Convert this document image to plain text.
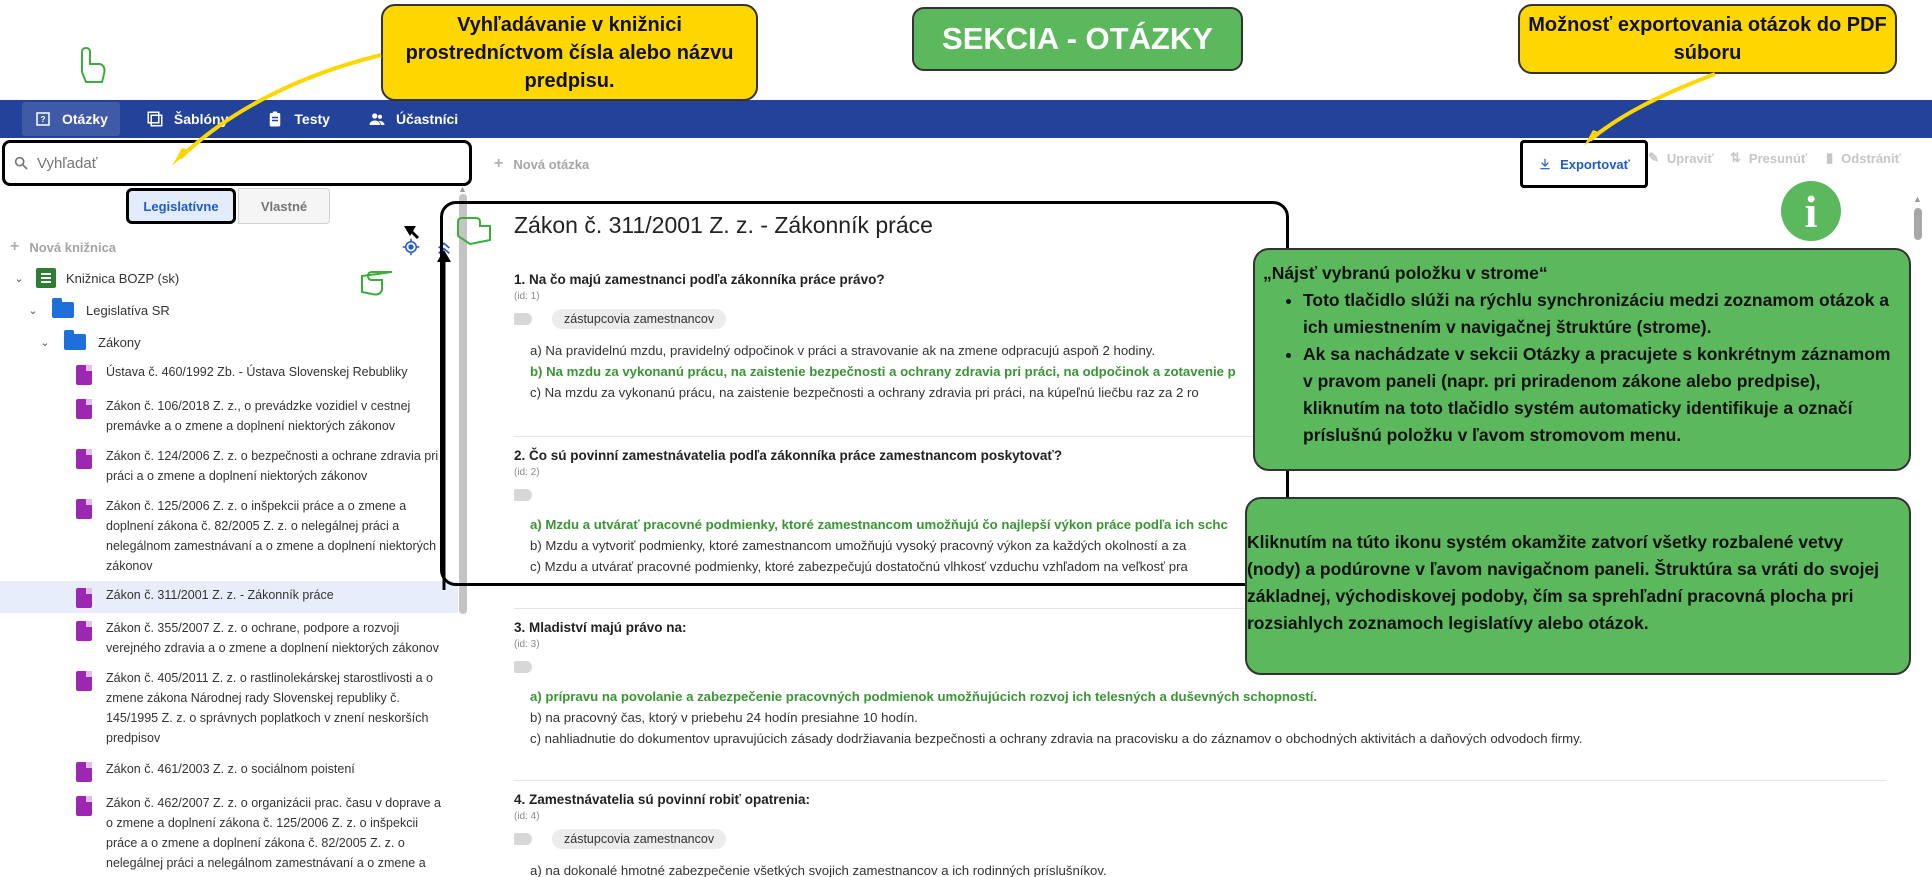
? Otázky	Šablóny	Testy	Účastníci
Vyhľadať
Legislatívne	Vlastné
+ Nová knižnica
⌄	Knižnica BOZP (sk)
⌄	Legislatíva SR
⌄	Zákony
Ústava č. 460/1992 Zb. - Ústava Slovenskej Rebubliky
Zákon č. 106/2018 Z. z., o prevádzke vozidiel v cestnej premávke a o zmene a doplnení niektorých zákonov
Zákon č. 124/2006 Z. z. o bezpečnosti a ochrane zdravia pri práci a o zmene a doplnení niektorých zákonov
Zákon č. 125/2006 Z. z. o inšpekcii práce a o zmene a doplnení zákona č. 82/2005 Z. z. o nelegálnej práci a nelegálnom zamestnávaní a o zmene a doplnení niektorých zákonov
Zákon č. 311/2001 Z. z. - Zákonník práce
Zákon č. 355/2007 Z. z. o ochrane, podpore a rozvoji verejného zdravia a o zmene a doplnení niektorých zákonov
Zákon č. 405/2011 Z. z. o rastlinolekárskej starostlivosti a o zmene zákona Národnej rady Slovenskej republiky č. 145/1995 Z. z. o správnych poplatkoch v znení neskorších predpisov
Zákon č. 461/2003 Z. z. o sociálnom poistení
Zákon č. 462/2007 Z. z. o organizácii prac. času v doprave a o zmene a doplnení zákona č. 125/2006 Z. z. o inšpekcii práce a o zmene a doplnení zákona č. 82/2005 Z. z. o nelegálnej práci a nelegálnom zamestnávaní a o zmene a
▲
+ Nová otázka	Exportovať ✎ Upraviť ⇅ Presunúť ▮ Odstrániť
Zákon č. 311/2001 Z. z. - Zákonník práce
1. Na čo majú zamestnanci podľa zákonníka práce právo?
(id: 1)
zástupcovia zamestnancov
a) Na pravidelnú mzdu, pravidelný odpočinok v práci a stravovanie ak na zmene odpracujú aspoň 2 hodiny.
b) Na mzdu za vykonanú prácu, na zaistenie bezpečnosti a ochrany zdravia pri práci, na odpočinok a zotavenie p
c) Na mzdu za vykonanú prácu, na zaistenie bezpečnosti a ochrany zdravia pri práci, na kúpeľnú liečbu raz za 2 ro
2. Čo sú povinní zamestnávatelia podľa zákonníka práce zamestnancom poskytovať?
(id: 2)
a) Mzdu a utvárať pracovné podmienky, ktoré zamestnancom umožňujú čo najlepší výkon práce podľa ich schc
b) Mzdu a vytvoriť podmienky, ktoré zamestnancom umožňujú vysoký pracovný výkon za každých okolností a za
c) Mzdu a utvárať pracovné podmienky, ktoré zabezpečujú dostatočnú vlhkosť vzduchu vzhľadom na veľkosť pra
3. Mladiství majú právo na:
(id: 3)
a) prípravu na povolanie a zabezpečenie pracovných podmienok umožňujúcich rozvoj ich telesných a duševných schopností.
b) na pracovný čas, ktorý v priebehu 24 hodín presiahne 10 hodín.
c) nahliadnutie do dokumentov upravujúcich zásady dodržiavania bezpečnosti a ochrany zdravia na pracovisku a do záznamov o obchodných aktivitách a daňových odvodoch firmy.
4. Zamestnávatelia sú povinní robiť opatrenia:
(id: 4)
zástupcovia zamestnancov
a) na dokonalé hmotné zabezpečenie všetkých svojich zamestnancov a ich rodinných príslušníkov.
▲
SEKCIA - OTÁZKY
Vyhľadávanie v knižnici prostredníctvom čísla alebo názvu predpisu.
Možnosť exportovania otázok do PDF súboru
i
„Nájsť vybranú položku v strome“
• Toto tlačidlo slúži na rýchlu synchronizáciu medzi zoznamom otázok a ich umiestnením v navigačnej štruktúre (strome).
• Ak sa nachádzate v sekcii Otázky a pracujete s konkrétnym záznamom v pravom paneli (napr. pri priradenom zákone alebo predpise), kliknutím na toto tlačidlo systém automaticky identifikuje a označí príslušnú položku v ľavom stromovom menu.
Kliknutím na túto ikonu systém okamžite zatvorí všetky rozbalené vetvy (nody) a podúrovne v ľavom navigačnom paneli. Štruktúra sa vráti do svojej základnej, východiskovej podoby, čím sa sprehľadní pracovná plocha pri rozsiahlych zoznamoch legislatívy alebo otázok.
